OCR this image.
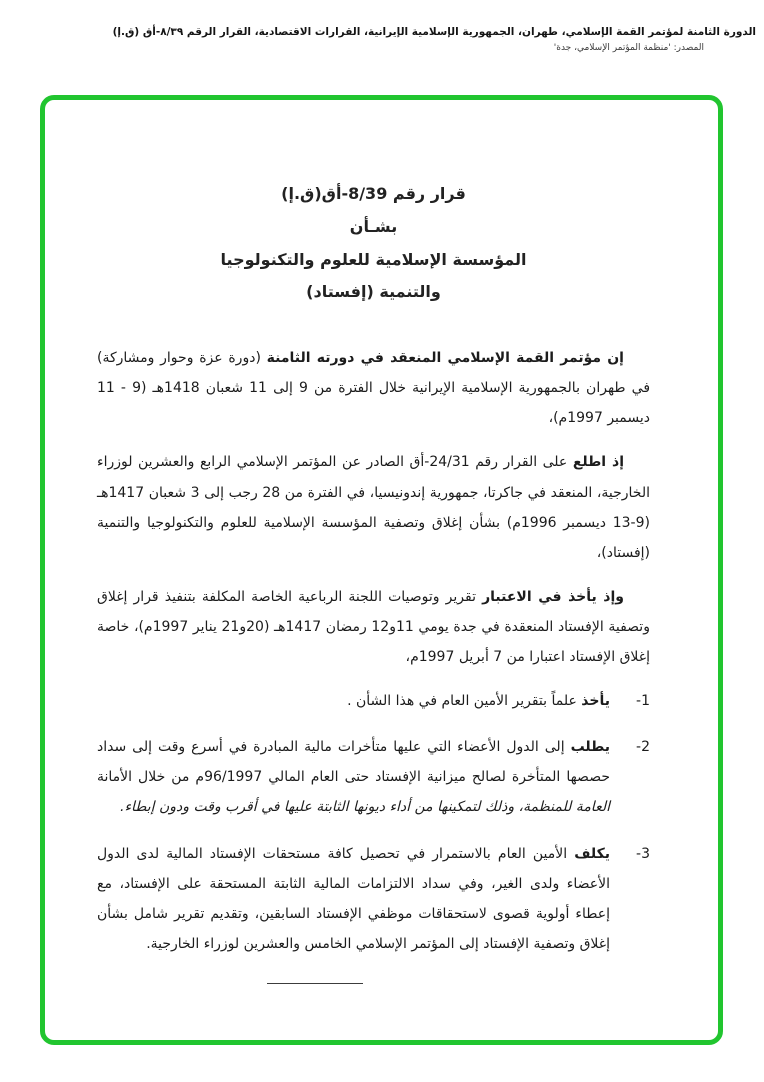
الدورة الثامنة لمؤتمر القمة الإسلامي، طهران، الجمهورية الإسلامية الإيرانية، القرارات الاقتصادية، القرار الرقم ٨/٣٩-أق (ق.إ)
المصدر: 'منظمة المؤتمر الإسلامي، جدة'
قرار رقم 8/39-أق(ق.إ)
بشـأن
المؤسسة الإسلامية للعلوم والتكنولوجيا
والتنمية (إفستاد)

إن مؤتمر القمة الإسلامي المنعقد في دورته الثامنة (دورة عزة وحوار ومشاركة) في طهران بالجمهورية الإسلامية الإيرانية خلال الفترة من 9 إلى 11 شعبان 1418هـ (9 - 11 ديسمبر 1997م)،

إذ اطلع على القرار رقم 24/31-أق الصادر عن المؤتمر الإسلامي الرابع والعشرين لوزراء الخارجية، المنعقد في جاكرتا، جمهورية إندونيسيا، في الفترة من 28 رجب إلى 3 شعبان 1417هـ (9-13 ديسمبر 1996م) بشأن إغلاق وتصفية المؤسسة الإسلامية للعلوم والتكنولوجيا والتنمية (إفستاد)،

وإذ يأخذ في الاعتبار تقرير وتوصيات اللجنة الرباعية الخاصة المكلفة بتنفيذ قرار إغلاق وتصفية الإفستاد المنعقدة في جدة يومي 11و12 رمضان 1417هـ (20و21 يناير 1997م)، خاصة إغلاق الإفستاد اعتبارا من 7 أبريل 1997م،

1-
يأخذ علماً بتقرير الأمين العام في هذا الشأن .
2-
يطلب إلى الدول الأعضاء التي عليها متأخرات مالية المبادرة في أسرع وقت إلى سداد حصصها المتأخرة لصالح ميزانية الإفستاد حتى العام المالي 96/1997م من خلال الأمانة العامة للمنظمة، وذلك لتمكينها من أداء ديونها الثابتة عليها في أقرب وقت ودون إبطاء.
3-
يكلف الأمين العام بالاستمرار في تحصيل كافة مستحقات الإفستاد المالية لدى الدول الأعضاء ولدى الغير، وفي سداد الالتزامات المالية الثابتة المستحقة على الإفستاد، مع إعطاء أولوية قصوى لاستحقاقات موظفي الإفستاد السابقين، وتقديم تقرير شامل بشأن إغلاق وتصفية الإفستاد إلى المؤتمر الإسلامي الخامس والعشرين لوزراء الخارجية.
